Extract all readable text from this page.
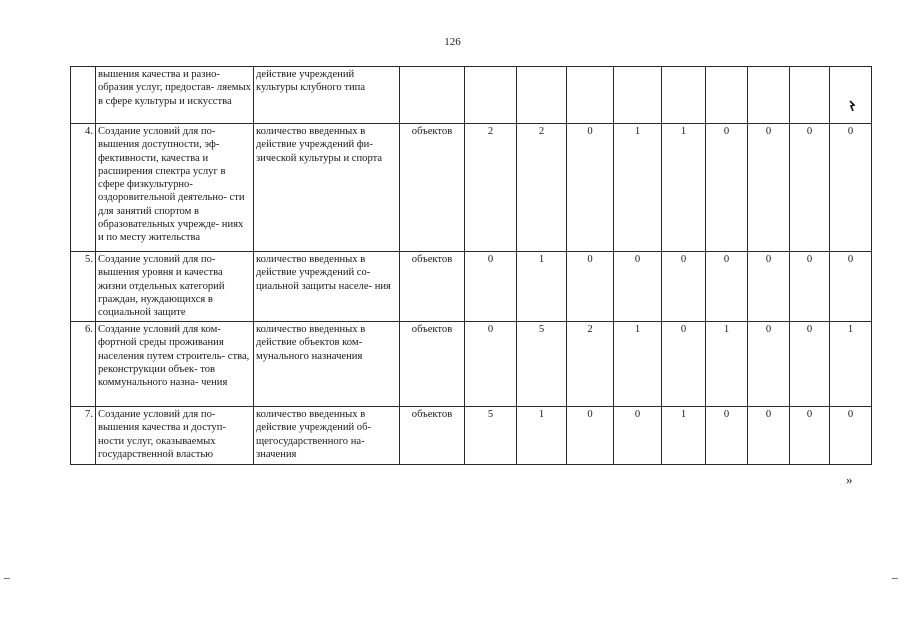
126
	вышения качества и разно- образия услуг, предостав- ляемых в сфере культуры и искусства	действие учреждений культуры клубного типа										
4.	Создание условий для по- вышения доступности, эф- фективности, качества и расширения спектра услуг в сфере физкультурно- оздоровительной деятельно- сти для занятий спортом в образовательных учрежде- ниях и по месту жительства	количество введенных в действие учреждений фи- зической культуры и спорта	объектов	2	2	0	1	1	0	0	0	0
5.	Создание условий для по- вышения уровня и качества жизни отдельных категорий граждан, нуждающихся в социальной защите	количество введенных в действие учреждений со- циальной защиты населе- ния	объектов	0	1	0	0	0	0	0	0	0
6.	Создание условий для ком- фортной среды проживания населения путем строитель- ства, реконструкции объек- тов коммунального назна- чения	количество введенных в действие объектов ком- мунального назначения	объектов	0	5	2	1	0	1	0	0	1
7.	Создание условий для по- вышения качества и доступ- ности услуг, оказываемых государственной властью	количество введенных в действие учреждений об- щегосударственного на- значения	объектов	5	1	0	0	1	0	0	0	0
»
